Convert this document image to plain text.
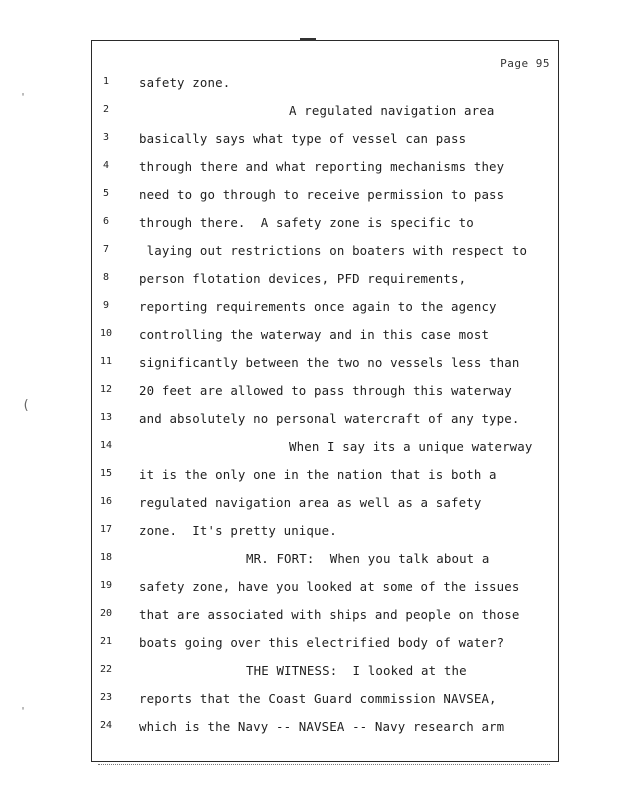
Page 95
1	safety zone.
2	A regulated navigation area
3	basically says what type of vessel can pass
4	through there and what reporting mechanisms they
5	need to go through to receive permission to pass
6	through there.  A safety zone is specific to
7	laying out restrictions on boaters with respect to
8	person flotation devices, PFD requirements,
9	reporting requirements once again to the agency
10	controlling the waterway and in this case most
11	significantly between the two no vessels less than
12	20 feet are allowed to pass through this waterway
13	and absolutely no personal watercraft of any type.
14	When I say its a unique waterway
15	it is the only one in the nation that is both a
16	regulated navigation area as well as a safety
17	zone.  It's pretty unique.
18	MR. FORT:  When you talk about a
19	safety zone, have you looked at some of the issues
20	that are associated with ships and people on those
21	boats going over this electrified body of water?
22	THE WITNESS:  I looked at the
23	reports that the Coast Guard commission NAVSEA,
24	which is the Navy -- NAVSEA -- Navy research arm
'
(
'
